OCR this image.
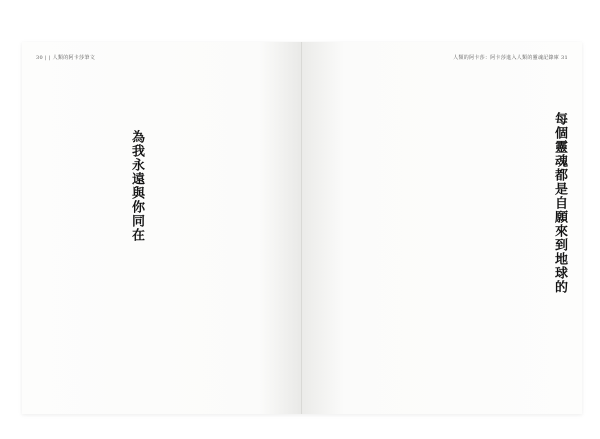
30 | | 人類的阿卡莎筆文
為我永遠與你同在
人類的阿卡莎：阿卡莎進入人類的靈魂記錄庫 31
每個靈魂都是自願來到地球的
